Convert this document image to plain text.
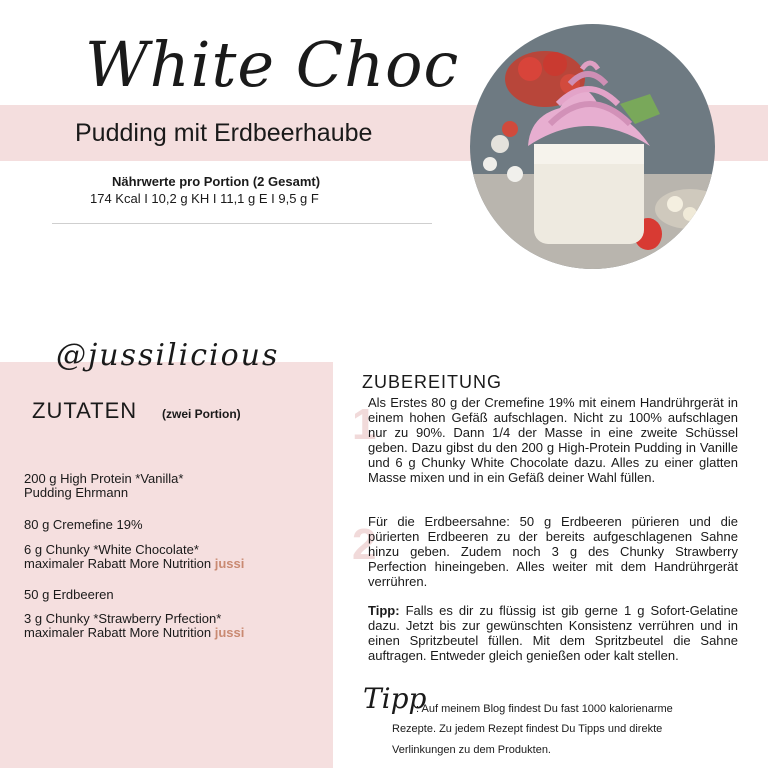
White Choc
Pudding mit Erdbeerhaube
Nährwerte pro Portion (2 Gesamt)
174 Kcal I 10,2 g KH I 11,1 g E I 9,5 g F
@jussilicious
ZUTATEN (zwei Portion)
200 g High Protein *Vanilla*
Pudding Ehrmann
80 g Cremefine 19%
6 g Chunky *White Chocolate*
maximaler Rabatt More Nutrition jussi
50 g Erdbeeren
3 g Chunky *Strawberry Prfection*
maximaler Rabatt More Nutrition jussi
ZUBEREITUNG
1
Als Erstes 80 g der Cremefine 19% mit einem Handrührgerät in einem hohen Gefäß aufschlagen. Nicht zu 100% aufschlagen nur zu 90%. Dann 1/4 der Masse in eine zweite Schüssel geben. Dazu gibst du den 200 g High-Protein Pudding in Vanille und 6 g Chunky White Chocolate dazu. Alles zu einer glatten Masse mixen und in ein Gefäß deiner Wahl füllen.
2
Für die Erdbeersahne: 50 g Erdbeeren pürieren und die pürierten Erdbeeren zu der bereits aufgeschlagenen Sahne hinzu geben. Zudem noch 3 g des Chunky Strawberry Perfection hineingeben. Alles weiter mit dem Handrührgerät verrühren.
Tipp: Falls es dir zu flüssig ist gib gerne 1 g Sofort-Gelatine dazu. Jetzt bis zur gewünschten Konsistenz verrühren und in einen Spritzbeutel füllen. Mit dem Spritzbeutel die Sahne auftragen. Entweder gleich genießen oder kalt stellen.
Tipp
: Auf meinem Blog findest Du fast 1000 kalorienarme
Rezepte. Zu jedem Rezept findest Du Tipps und direkte
Verlinkungen zu dem Produkten.
